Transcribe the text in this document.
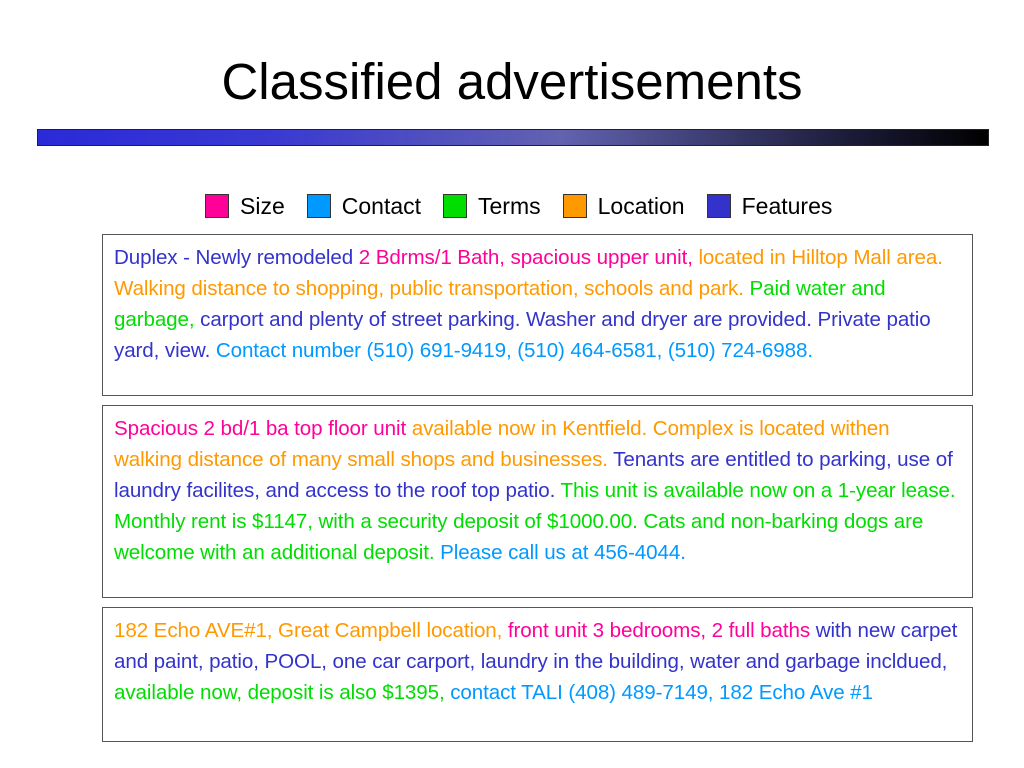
Classified advertisements
Size Contact Terms Location Features
Duplex - Newly remodeled 2 Bdrms/1 Bath, spacious upper unit, located in Hilltop Mall area. Walking distance to shopping, public transportation, schools and park. Paid water and garbage, carport and plenty of street parking. Washer and dryer are provided. Private patio yard, view. Contact number (510) 691-9419, (510) 464-6581, (510) 724-6988.
Spacious 2 bd/1 ba top floor unit available now in Kentfield. Complex is located withen walking distance of many small shops and businesses. Tenants are entitled to parking, use of laundry facilites, and access to the roof top patio. This unit is available now on a 1-year lease. Monthly rent is $1147, with a security deposit of $1000.00. Cats and non-barking dogs are welcome with an additional deposit. Please call us at 456-4044.
182 Echo AVE#1, Great Campbell location, front unit 3 bedrooms, 2 full baths with new carpet and paint, patio, POOL, one car carport, laundry in the building, water and garbage incldued, available now, deposit is also $1395, contact TALI (408) 489-7149, 182 Echo Ave #1
